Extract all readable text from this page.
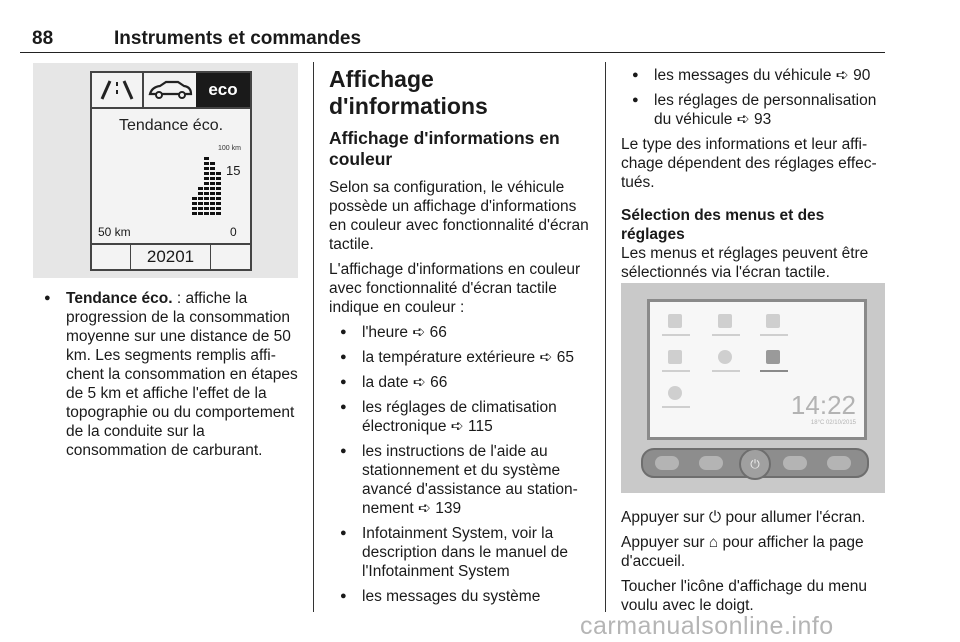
88	Instruments et commandes
eco
Tendance éco.
100 km
15
50 km	0
20201
● Tendance éco. : affiche la progression de la consommation moyenne sur une distance de 50 km. Les segments remplis affichent la consommation en étapes de 5 km et affiche l'effet de la topographie ou du comportement de la conduite sur la consommation de carburant.
Affichage d'informations
Affichage d'informations en couleur

Selon sa configuration, le véhicule possède un affichage d'informations en couleur avec fonctionnalité d'écran tactile.

L'affichage d'informations en couleur avec fonctionnalité d'écran tactile indique en couleur :

● l'heure ➪ 66
● la température extérieure ➪ 65
● la date ➪ 66
● les réglages de climatisation électronique ➪ 115
● les instructions de l'aide au stationnement et du système avancé d'assistance au stationnement ➪ 139
● Infotainment System, voir la description dans le manuel de l'Infotainment System
● les messages du système
● les messages du véhicule ➪ 90
● les réglages de personnalisation du véhicule ➪ 93

Le type des informations et leur affichage dépendent des réglages effectués.

Sélection des menus et des réglages

Les menus et réglages peuvent être sélectionnés via l'écran tactile.

14:22
18°C 02/10/2015
⏻

Appuyer sur ⏻ pour allumer l'écran.

Appuyer sur ⌂ pour afficher la page d'accueil.

Toucher l'icône d'affichage du menu voulu avec le doigt.

carmanualsonline.info
